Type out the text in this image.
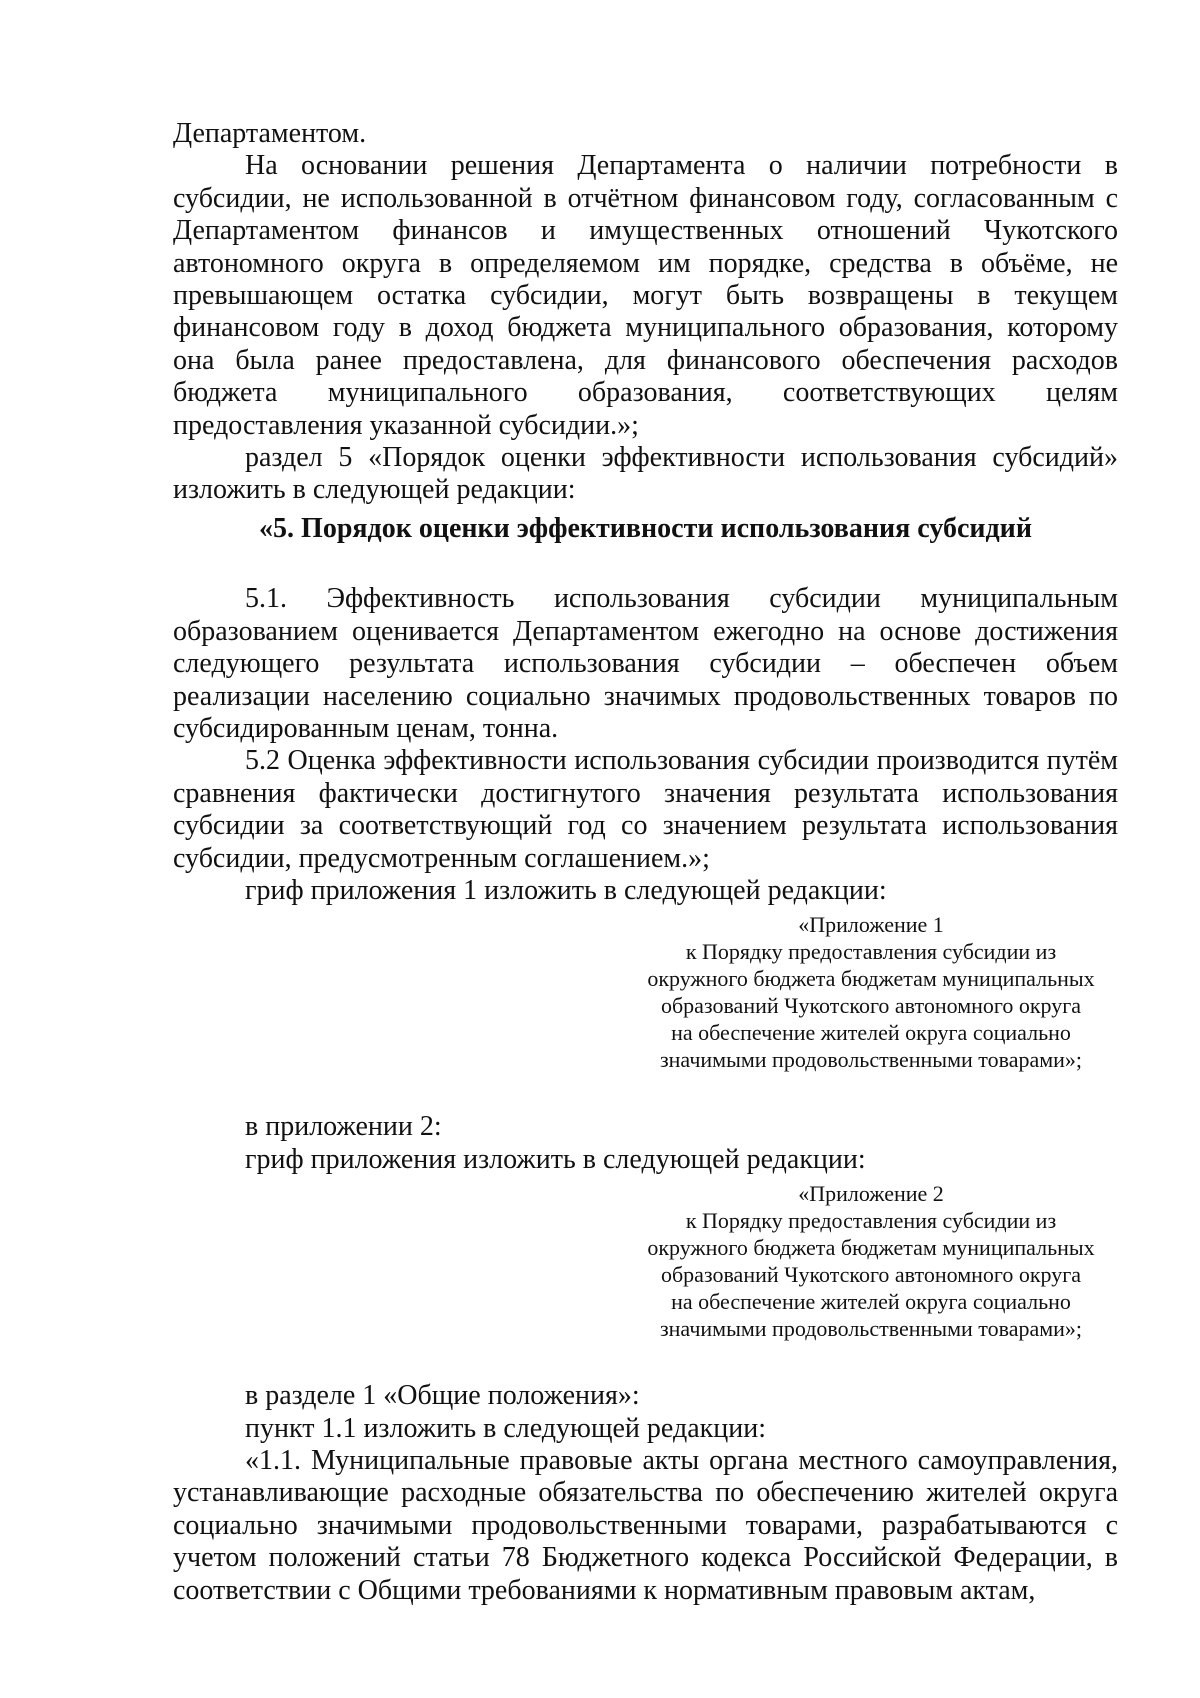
Департаментом.

На основании решения Департамента о наличии потребности в субсидии, не использованной в отчётном финансовом году, согласованным с Департаментом финансов и имущественных отношений Чукотского автономного округа в определяемом им порядке, средства в объёме, не превышающем остатка субсидии, могут быть возвращены в текущем финансовом году в доход бюджета муниципального образования, которому она была ранее предоставлена, для финансового обеспечения расходов бюджета муниципального образования, соответствующих целям предоставления указанной субсидии.»;

раздел 5 «Порядок оценки эффективности использования субсидий» изложить в следующей редакции:

«5. Порядок оценки эффективности использования субсидий

5.1. Эффективность использования субсидии муниципальным образованием оценивается Департаментом ежегодно на основе достижения следующего результата использования субсидии – обеспечен объем реализации населению социально значимых продовольственных товаров по субсидированным ценам, тонна.

5.2 Оценка эффективности использования субсидии производится путём сравнения фактически достигнутого значения результата использования субсидии за соответствующий год со значением результата использования субсидии, предусмотренным соглашением.»;

гриф приложения 1 изложить в следующей редакции:

«Приложение 1
к Порядку предоставления субсидии из
окружного бюджета бюджетам муниципальных
образований Чукотского автономного округа
на обеспечение жителей округа социально
значимыми продовольственными товарами»;

в приложении 2:

гриф приложения изложить в следующей редакции:

«Приложение 2
к Порядку предоставления субсидии из
окружного бюджета бюджетам муниципальных
образований Чукотского автономного округа
на обеспечение жителей округа социально
значимыми продовольственными товарами»;

в разделе 1 «Общие положения»:

пункт 1.1 изложить в следующей редакции:

«1.1. Муниципальные правовые акты органа местного самоуправления, устанавливающие расходные обязательства по обеспечению жителей округа социально значимыми продовольственными товарами, разрабатываются с учетом положений статьи 78 Бюджетного кодекса Российской Федерации, в соответствии с Общими требованиями к нормативным правовым актам,
